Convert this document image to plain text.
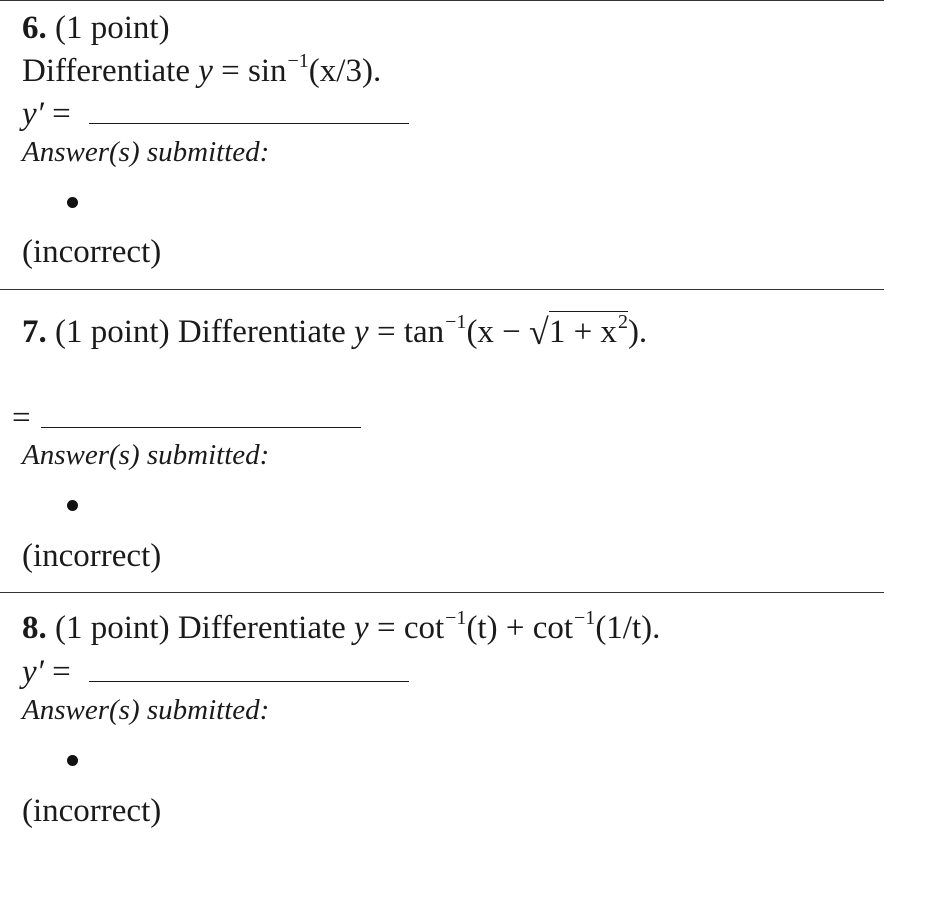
6. (1 point)
Differentiate $y = \sin^{-1}(x/3)$.
y′ =
Answer(s) submitted:
(incorrect)
7. (1 point) Differentiate $y = \tan^{-1}(x - √1 + x^2)$.
=
Answer(s) submitted:
(incorrect)
8. (1 point) Differentiate $y = \cot^{-1}(t) + \cot^{-1}(1/t)$.
y′ =
Answer(s) submitted:
(incorrect)
